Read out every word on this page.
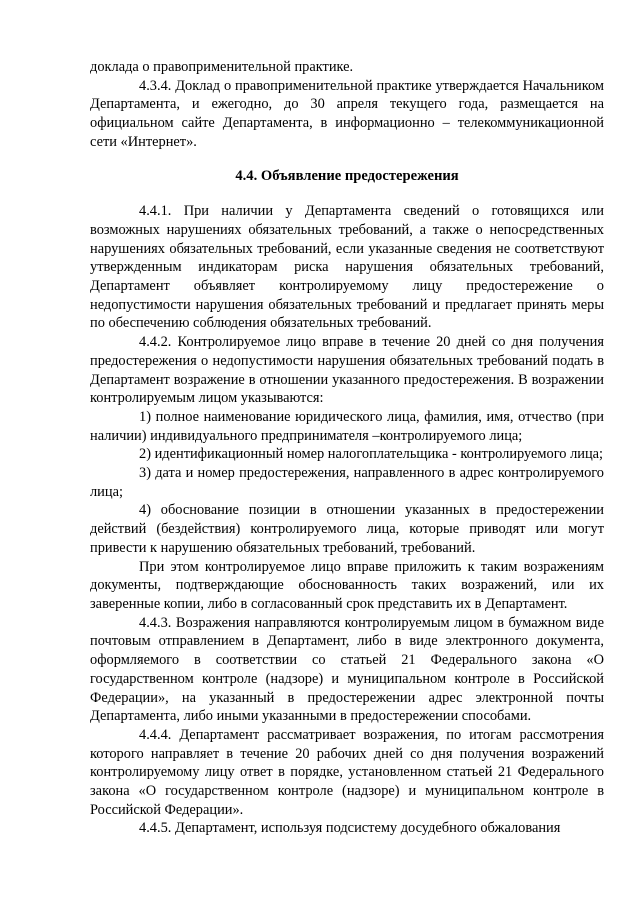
доклада о правоприменительной практике.

4.3.4. Доклад о правоприменительной практике утверждается Начальником Департамента, и ежегодно, до 30 апреля текущего года, размещается на официальном сайте Департамента, в информационно – телекоммуникационной сети «Интернет».

4.4. Объявление предостережения

4.4.1. При наличии у Департамента сведений о готовящихся или возможных нарушениях обязательных требований, а также о непосредственных нарушениях обязательных требований, если указанные сведения не соответствуют утвержденным индикаторам риска нарушения обязательных требований, Департамент объявляет контролируемому лицу предостережение о недопустимости нарушения обязательных требований и предлагает принять меры по обеспечению соблюдения обязательных требований.

4.4.2. Контролируемое лицо вправе в течение 20 дней со дня получения предостережения о недопустимости нарушения обязательных требований подать в Департамент возражение в отношении указанного предостережения. В возражении контролируемым лицом указываются:

1) полное наименование юридического лица, фамилия, имя, отчество (при наличии) индивидуального предпринимателя –контролируемого лица;

2) идентификационный номер налогоплательщика - контролируемого лица;

3) дата и номер предостережения, направленного в адрес контролируемого лица;

4) обоснование позиции в отношении указанных в предостережении действий (бездействия) контролируемого лица, которые приводят или могут привести к нарушению обязательных требований, требований.

При этом контролируемое лицо вправе приложить к таким возражениям документы, подтверждающие обоснованность таких возражений, или их заверенные копии, либо в согласованный срок представить их в Департамент.

4.4.3. Возражения направляются контролируемым лицом в бумажном виде почтовым отправлением в Департамент, либо в виде электронного документа, оформляемого в соответствии со статьей 21 Федерального закона «О государственном контроле (надзоре) и муниципальном контроле в Российской Федерации», на указанный в предостережении адрес электронной почты Департамента, либо иными указанными в предостережении способами.

4.4.4. Департамент рассматривает возражения, по итогам рассмотрения которого направляет в течение 20 рабочих дней со дня получения возражений контролируемому лицу ответ в порядке, установленном статьей 21 Федерального закона «О государственном контроле (надзоре) и муниципальном контроле в Российской Федерации».

4.4.5. Департамент, используя подсистему досудебного обжалования
